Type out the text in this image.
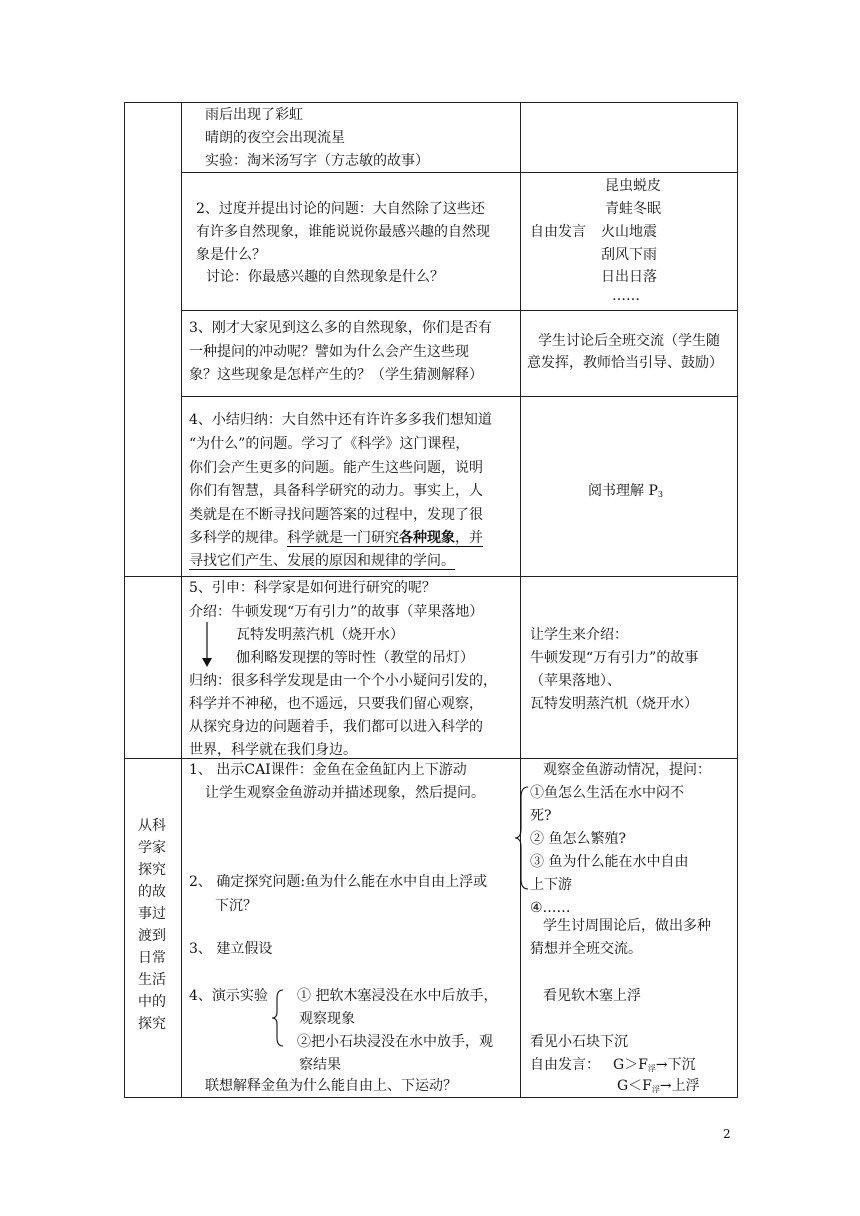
雨后出现了彩虹
晴朗的夜空会出现流星
实验：淘米汤写字（方志敏的故事）
2、过度并提出讨论的问题：大自然除了这些还
有许多自然现象，谁能说说你最感兴趣的自然现
象是什么？
讨论：你最感兴趣的自然现象是什么？
自由发言
昆虫蜕皮
青蛙冬眠
火山地震
刮风下雨
日出日落
……
3、刚才大家见到这么多的自然现象，你们是否有
一种提问的冲动呢？譬如为什么会产生这些现
象？这些现象是怎样产生的？（学生猜测解释）
学生讨论后全班交流（学生随
意发挥，教师恰当引导、鼓励）
4、小结归纳：大自然中还有许许多多我们想知道
“为什么”的问题。学习了《科学》这门课程，
你们会产生更多的问题。能产生这些问题，说明
你们有智慧，具备科学研究的动力。事实上，人
类就是在不断寻找问题答案的过程中，发现了很
多科学的规律。科学就是一门研究各种现象，并
寻找它们产生、发展的原因和规律的学问。
阅书理解 $P_3$
5、引申：科学家是如何进行研究的呢？
介绍：牛顿发现“万有引力”的故事（苹果落地）
瓦特发明蒸汽机（烧开水）
伽利略发现摆的等时性（教堂的吊灯）
归纳：很多科学发现是由一个个小小疑问引发的，
科学并不神秘，也不遥远，只要我们留心观察，
从探究身边的问题着手，我们都可以进入科学的
世界，科学就在我们身边。
让学生来介绍：
牛顿发现“万有引力”的故事
（苹果落地）、
瓦特发明蒸汽机（烧开水）
从科
学家
探究
的故
事过
渡到
日常
生活
中的
探究
1、 出示CAI课件：金鱼在金鱼缸内上下游动
让学生观察金鱼游动并描述现象，然后提问。
2、 确定探究问题:鱼为什么能在水中自由上浮或
下沉？
3、 建立假设
4、演示实验 ① 把软木塞浸没在水中后放手，
观察现象
②把小石块浸没在水中放手，观
察结果
联想解释金鱼为什么能自由上、下运动？
观察金鱼游动情况，提问：
①鱼怎么生活在水中闷不
死?
② 鱼怎么繁殖?
③ 鱼为什么能在水中自由
上下游
④……
学生讨周围论后，做出多种
猜想并全班交流。
看见软木塞上浮
看见小石块下沉
自由发言： $G>F_浮\to$下沉
$G<F_浮\to$上浮
2
